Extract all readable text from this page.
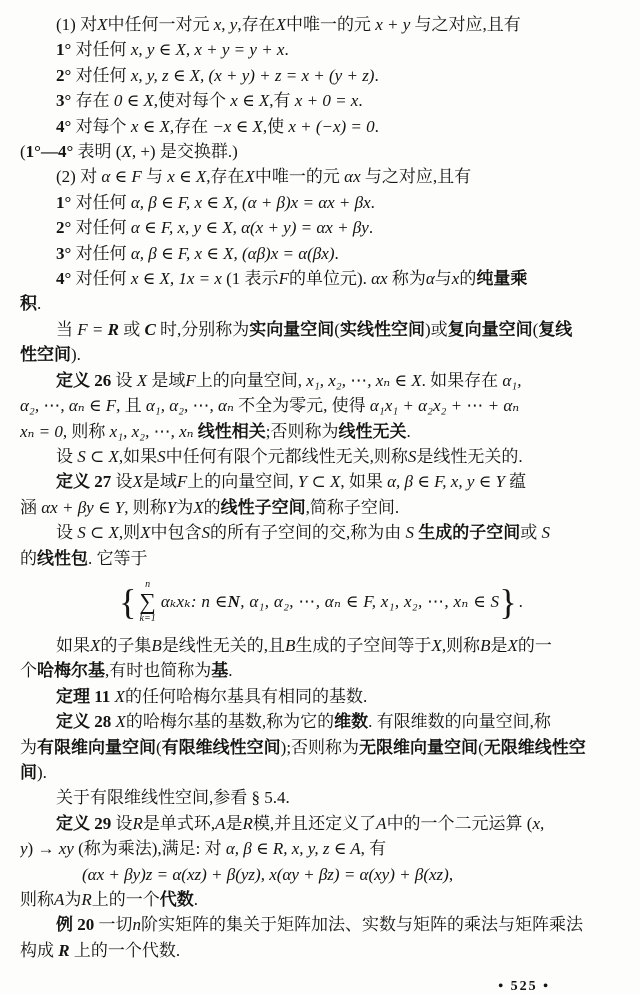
(1) 对X中任何一对元 x, y,存在X中唯一的元 x + y 与之对应,且有

1° 对任何 x, y ∈ X, x + y = y + x.

2° 对任何 x, y, z ∈ X, (x + y) + z = x + (y + z).

3° 存在 0 ∈ X,使对每个 x ∈ X,有 x + 0 = x.

4° 对每个 x ∈ X,存在 −x ∈ X,使 x + (−x) = 0.

(1°—4° 表明 (X, +) 是交换群.)

(2) 对 α ∈ F 与 x ∈ X,存在X中唯一的元 αx 与之对应,且有

1° 对任何 α, β ∈ F, x ∈ X, (α + β)x = αx + βx.

2° 对任何 α ∈ F, x, y ∈ X, α(x + y) = αx + βy.

3° 对任何 α, β ∈ F, x ∈ X, (αβ)x = α(βx).

4° 对任何 x ∈ X, 1x = x (1 表示F的单位元). αx 称为α与x的纯量乘

积.

当 F = R 或 C 时,分别称为实向量空间(实线性空间)或复向量空间(复线

性空间).

定义 26 设 X 是域F上的向量空间, x₁, x₂, ⋯, xₙ ∈ X. 如果存在 α₁,

α₂, ⋯, αₙ ∈ F, 且 α₁, α₂, ⋯, αₙ 不全为零元, 使得 α₁x₁ + α₂x₂ + ⋯ + αₙ

xₙ = 0, 则称 x₁, x₂, ⋯, xₙ 线性相关;否则称为线性无关.

设 S ⊂ X,如果S中任何有限个元都线性无关,则称S是线性无关的.

定义 27 设X是域F上的向量空间, Y ⊂ X, 如果 α, β ∈ F, x, y ∈ Y 蕴

涵 αx + βy ∈ Y, 则称Y为X的线性子空间,简称子空间.

设 S ⊂ X,则X中包含S的所有子空间的交,称为由 S 生成的子空间或 S

的线性包. 它等于

{ n
∑
k=1
αₖxₖ: n ∈ N , α₁, α₂, ⋯, αₙ ∈ F, x₁, x₂, ⋯, xₙ ∈ S } .

如果X的子集B是线性无关的,且B生成的子空间等于X,则称B是X的一

个哈梅尔基,有时也简称为基.

定理 11 X的任何哈梅尔基具有相同的基数.

定义 28 X的哈梅尔基的基数,称为它的维数. 有限维数的向量空间,称

为有限维向量空间(有限维线性空间);否则称为无限维向量空间(无限维线性空

间).

关于有限维线性空间,参看 § 5.4.

定义 29 设R是单式环,A是R模,并且还定义了A中的一个二元运算 (x,

y) → xy (称为乘法),满足: 对 α, β ∈ R, x, y, z ∈ A, 有

(αx + βy)z = α(xz) + β(yz), x(αy + βz) = α(xy) + β(xz),

则称A为R上的一个代数.

例 20 一切n阶实矩阵的集关于矩阵加法、实数与矩阵的乘法与矩阵乘法

构成 R 上的一个代数.

• 525 •
